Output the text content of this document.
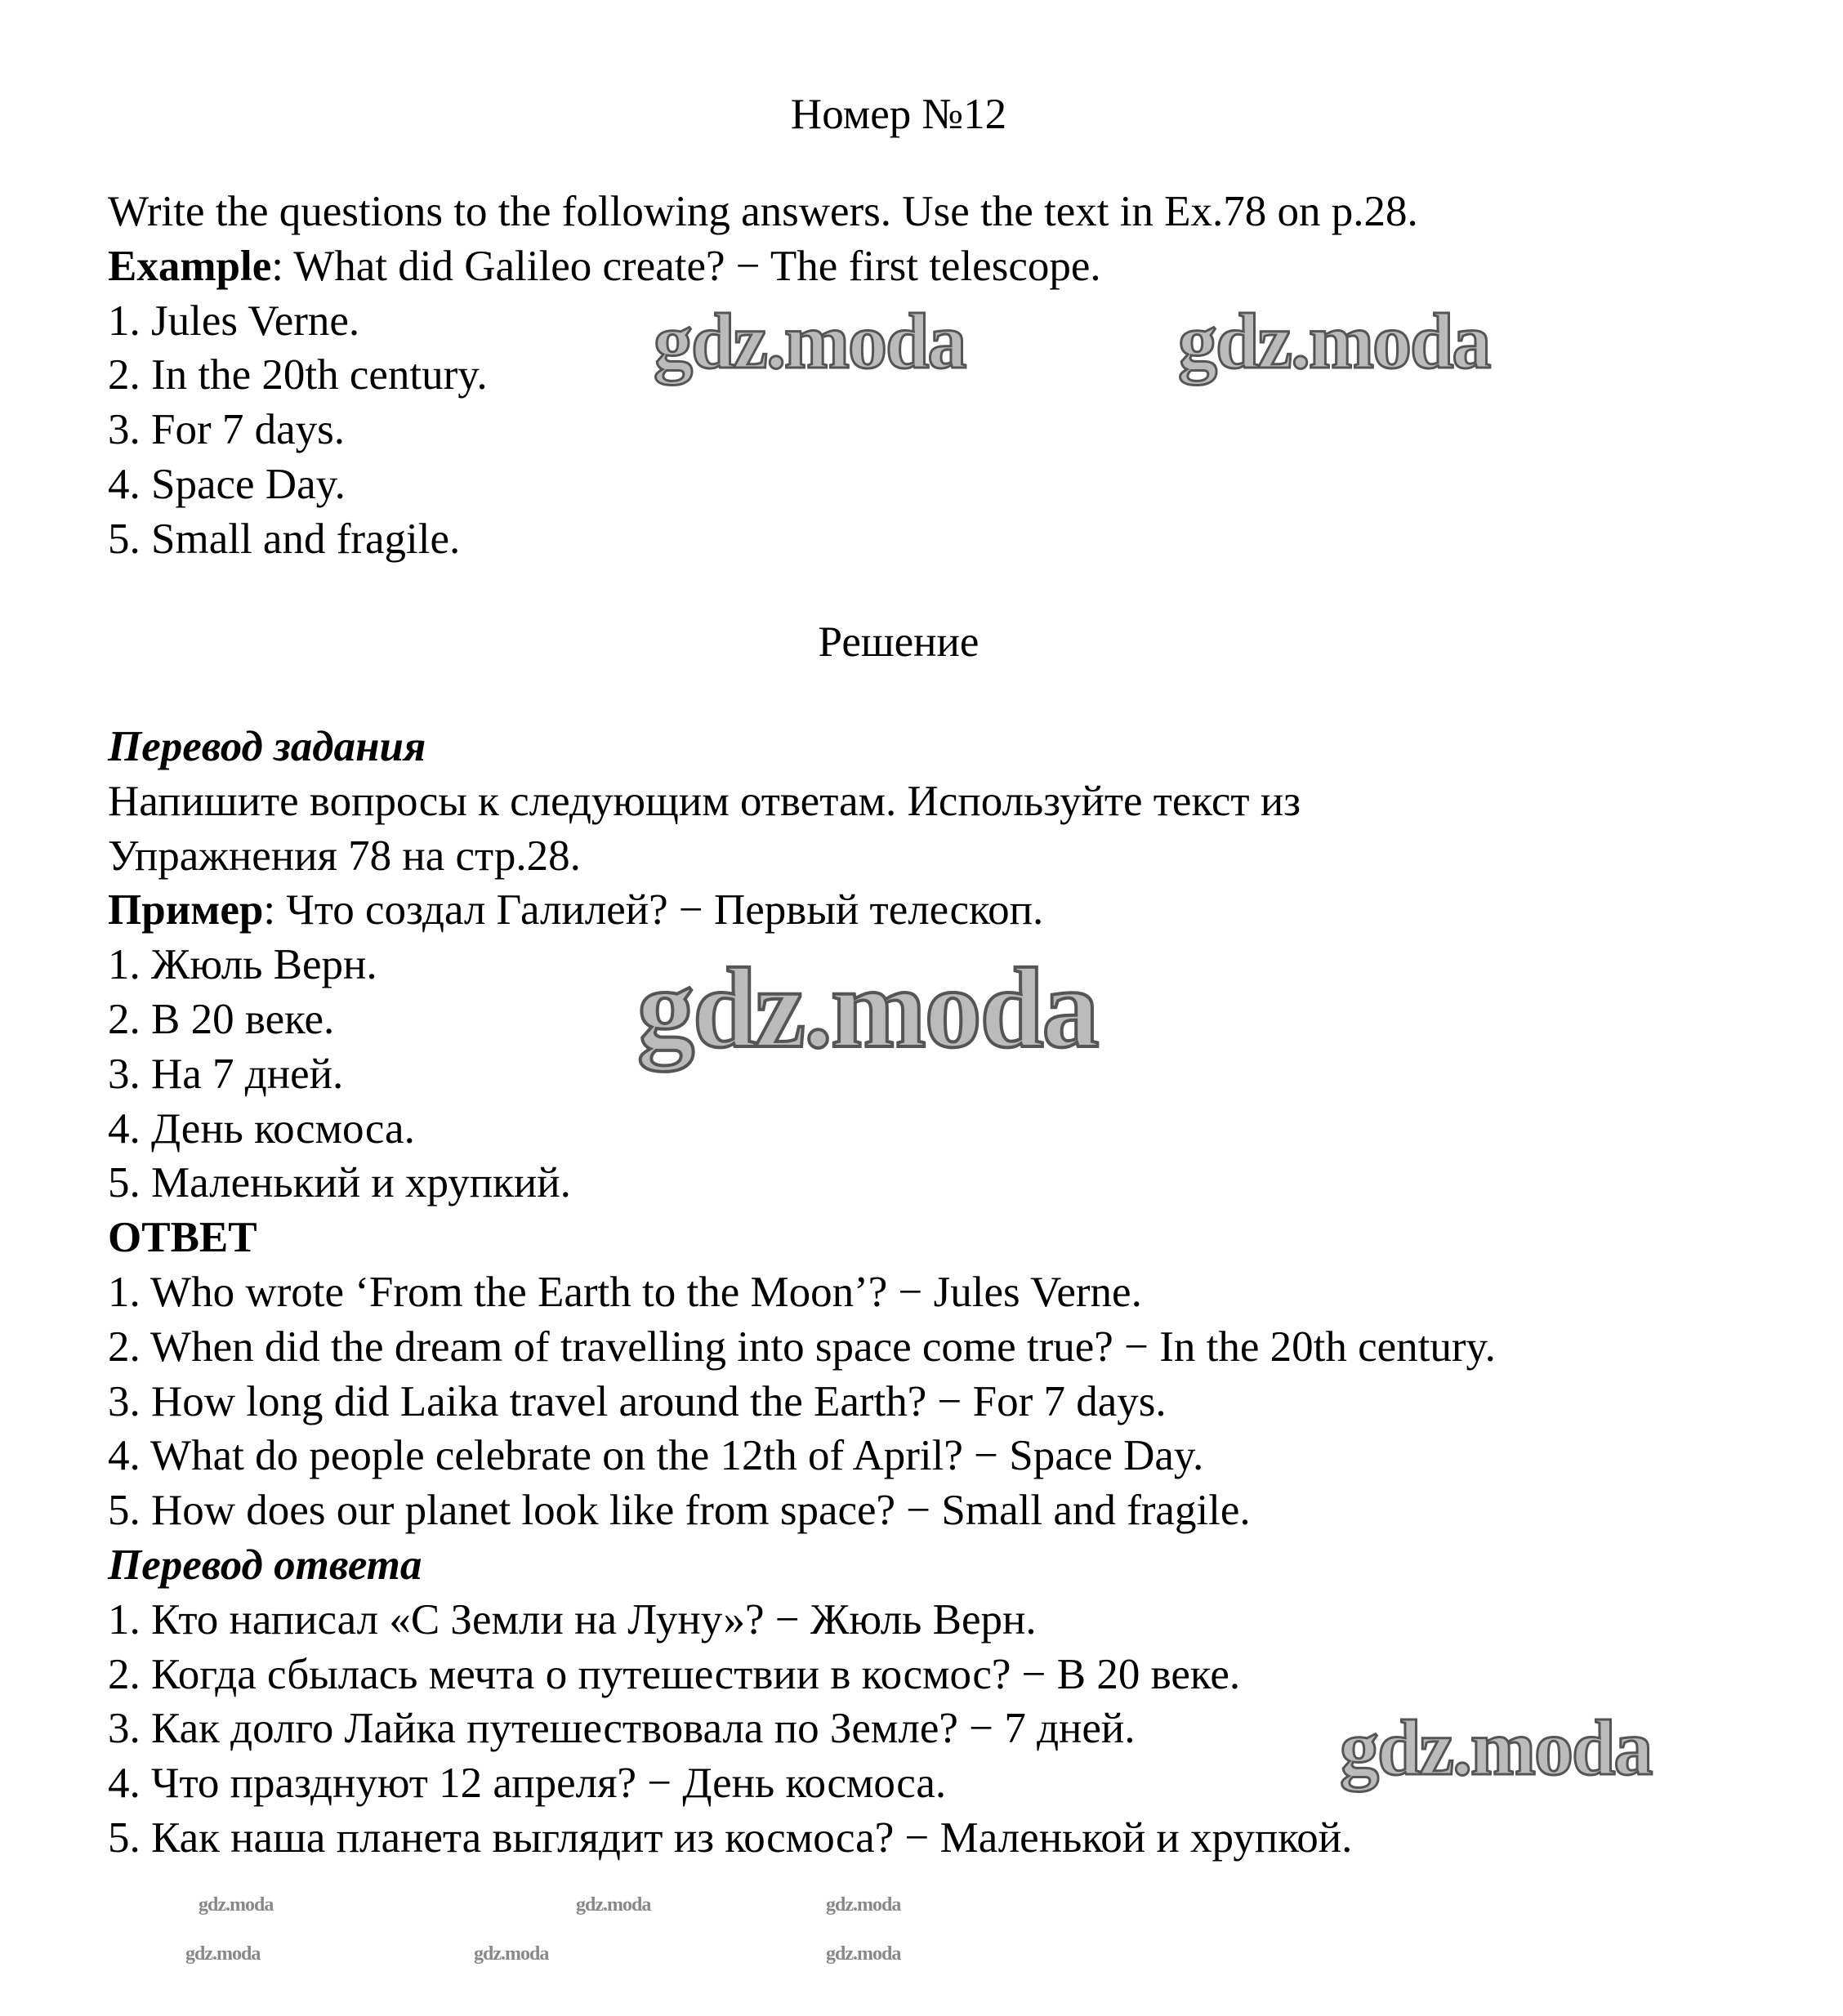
Номер №12
Write the questions to the following answers. Use the text in Ex.78 on p.28.
Example: What did Galileo create? − The first telescope.
1. Jules Verne.
2. In the 20th century.
3. For 7 days.
4. Space Day.
5. Small and fragile.
Решение
Перевод задания
Напишите вопросы к следующим ответам. Используйте текст из
Упражнения 78 на стр.28.
Пример: Что создал Галилей? − Первый телескоп.
1. Жюль Верн.
2. В 20 веке.
3. На 7 дней.
4. День космоса.
5. Маленький и хрупкий.
ОТВЕТ
1. Who wrote ‘From the Earth to the Moon’? − Jules Verne.
2. When did the dream of travelling into space come true? − In the 20th century.
3. How long did Laika travel around the Earth? − For 7 days.
4. What do people celebrate on the 12th of April? − Space Day.
5. How does our planet look like from space? − Small and fragile.
Перевод ответа
1. Кто написал «С Земли на Луну»? − Жюль Верн.
2. Когда сбылась мечта о путешествии в космос? − В 20 веке.
3. Как долго Лайка путешествовала по Земле? − 7 дней.
4. Что празднуют 12 апреля? − День космоса.
5. Как наша планета выглядит из космоса? − Маленькой и хрупкой.
gdz.moda	gdz.moda
gdz.moda
gdz.moda
gdz.moda	gdz.moda	gdz.moda
gdz.moda	gdz.moda	gdz.moda
